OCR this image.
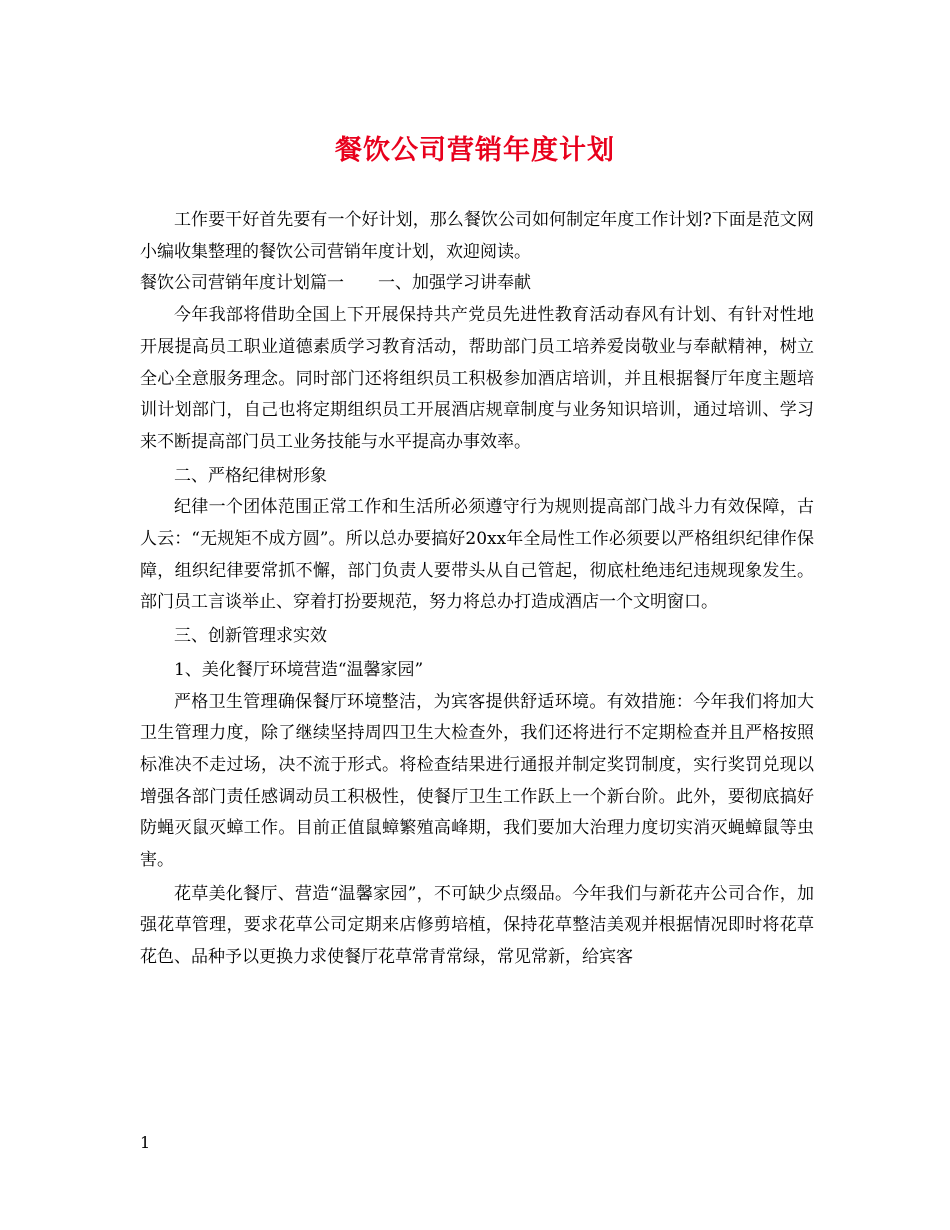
餐饮公司营销年度计划

工作要干好首先要有一个好计划，那么餐饮公司如何制定年度工作计划?下面是范文网小编收集整理的餐饮公司营销年度计划，欢迎阅读。

餐饮公司营销年度计划篇一　　一、加强学习讲奉献

今年我部将借助全国上下开展保持共产党员先进性教育活动春风有计划、有针对性地开展提高员工职业道德素质学习教育活动，帮助部门员工培养爱岗敬业与奉献精神，树立全心全意服务理念。同时部门还将组织员工积极参加酒店培训，并且根据餐厅年度主题培训计划部门，自己也将定期组织员工开展酒店规章制度与业务知识培训，通过培训、学习来不断提高部门员工业务技能与水平提高办事效率。

二、严格纪律树形象

纪律一个团体范围正常工作和生活所必须遵守行为规则提高部门战斗力有效保障，古人云：“无规矩不成方圆”。所以总办要搞好20xx年全局性工作必须要以严格组织纪律作保障，组织纪律要常抓不懈，部门负责人要带头从自己管起，彻底杜绝违纪违规现象发生。部门员工言谈举止、穿着打扮要规范，努力将总办打造成酒店一个文明窗口。

三、创新管理求实效

1、美化餐厅环境营造“温馨家园”

严格卫生管理确保餐厅环境整洁，为宾客提供舒适环境。有效措施：今年我们将加大卫生管理力度，除了继续坚持周四卫生大检查外，我们还将进行不定期检查并且严格按照标准决不走过场，决不流于形式。将检查结果进行通报并制定奖罚制度，实行奖罚兑现以增强各部门责任感调动员工积极性，使餐厅卫生工作跃上一个新台阶。此外，要彻底搞好防蝇灭鼠灭蟑工作。目前正值鼠蟑繁殖高峰期，我们要加大治理力度切实消灭蝇蟑鼠等虫害。

花草美化餐厅、营造“温馨家园”，不可缺少点缀品。今年我们与新花卉公司合作，加强花草管理，要求花草公司定期来店修剪培植，保持花草整洁美观并根据情况即时将花草花色、品种予以更换力求使餐厅花草常青常绿，常见常新，给宾客

1
